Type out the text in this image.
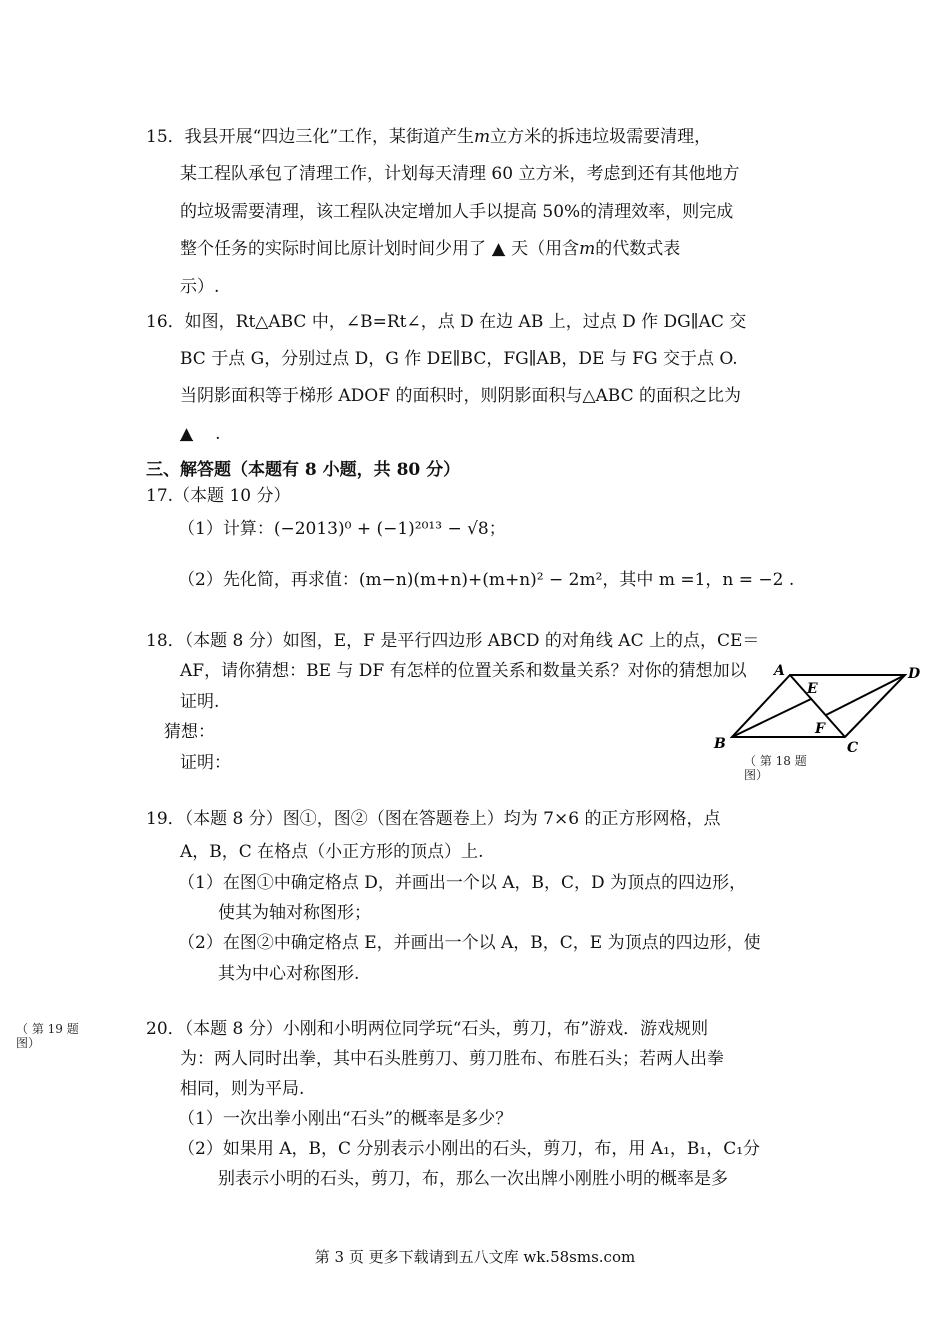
15．我县开展“四边三化”工作，某街道产生m立方米的拆违垃圾需要清理，
某工程队承包了清理工作，计划每天清理 60 立方米，考虑到还有其他地方
的垃圾需要清理，该工程队决定增加人手以提高 50%的清理效率，则完成
整个任务的实际时间比原计划时间少用了 ▲ 天（用含m的代数式表
示）.
16．如图，Rt△ABC 中，∠B=Rt∠，点 D 在边 AB 上，过点 D 作 DG∥AC 交
BC 于点 G，分别过点 D，G 作 DE∥BC，FG∥AB，DE 与 FG 交于点 O.
当阴影面积等于梯形 ADOF 的面积时，则阴影面积与△ABC 的面积之比为
▲ .
三、解答题（本题有 8 小题，共 80 分）
17.（本题 10 分）
（1）计算：(−2013)⁰ + (−1)²⁰¹³ − √8；
（2）先化简，再求值：(m−n)(m+n)+(m+n)² − 2m²，其中 m =1，n = −2 .
18．（本题 8 分）如图，E，F 是平行四边形 ABCD 的对角线 AC 上的点，CE＝
AF，请你猜想：BE 与 DF 有怎样的位置关系和数量关系？对你的猜想加以
证明.
猜想：
证明：
A	D
E
F
B	C
（ 第 18 题
图）
19．（本题 8 分）图①，图②（图在答题卷上）均为 7×6 的正方形网格，点
A，B，C 在格点（小正方形的顶点）上.
（1）在图①中确定格点 D，并画出一个以 A，B，C，D 为顶点的四边形，
使其为轴对称图形；
（2）在图②中确定格点 E，并画出一个以 A，B，C，E 为顶点的四边形，使
其为中心对称图形.
（ 第 19 题
图）
20．（本题 8 分）小刚和小明两位同学玩“石头，剪刀，布”游戏．游戏规则
为：两人同时出拳，其中石头胜剪刀、剪刀胜布、布胜石头；若两人出拳
相同，则为平局.
（1）一次出拳小刚出“石头”的概率是多少？
（2）如果用 A，B，C 分别表示小刚出的石头，剪刀，布，用 A₁，B₁，C₁分
别表示小明的石头，剪刀，布，那么一次出牌小刚胜小明的概率是多
第 3 页 更多下载请到五八文库 wk.58sms.com
